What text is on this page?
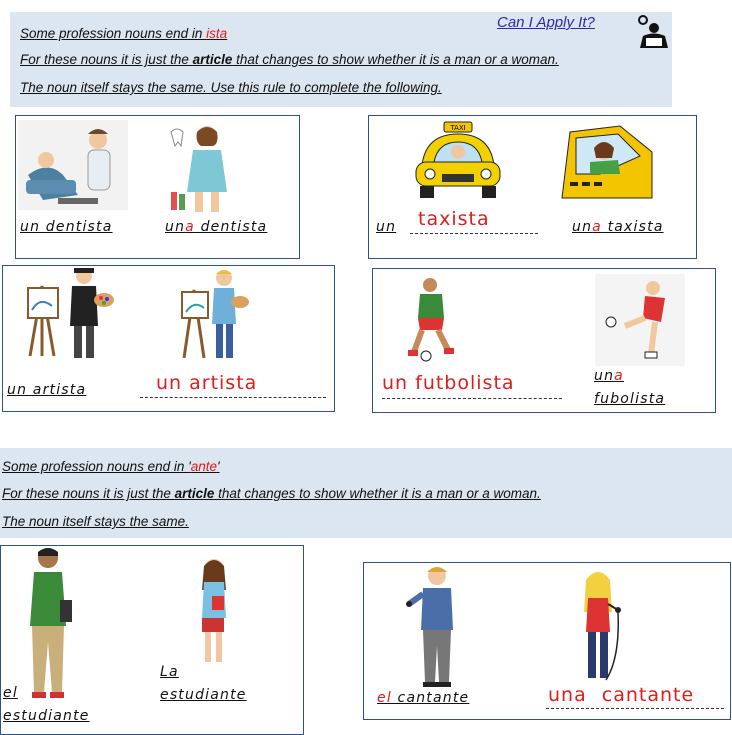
Some profession nouns end in ista
For these nouns it is just the article that changes to show whether it is a man or a woman.
The noun itself stays the same. Use this rule to complete the following.
Can I Apply It?
un dentista	una dentista
TAXI
un taxista	una taxista
un artista	un artista	un futbolista	una
fubolista
Some profession nouns end in 'ante'
For these nouns it is just the article that changes to show whether it is a man or a woman.
The noun itself stays the same.
el
estudiante
La
estudiante	el cantante	una cantante
